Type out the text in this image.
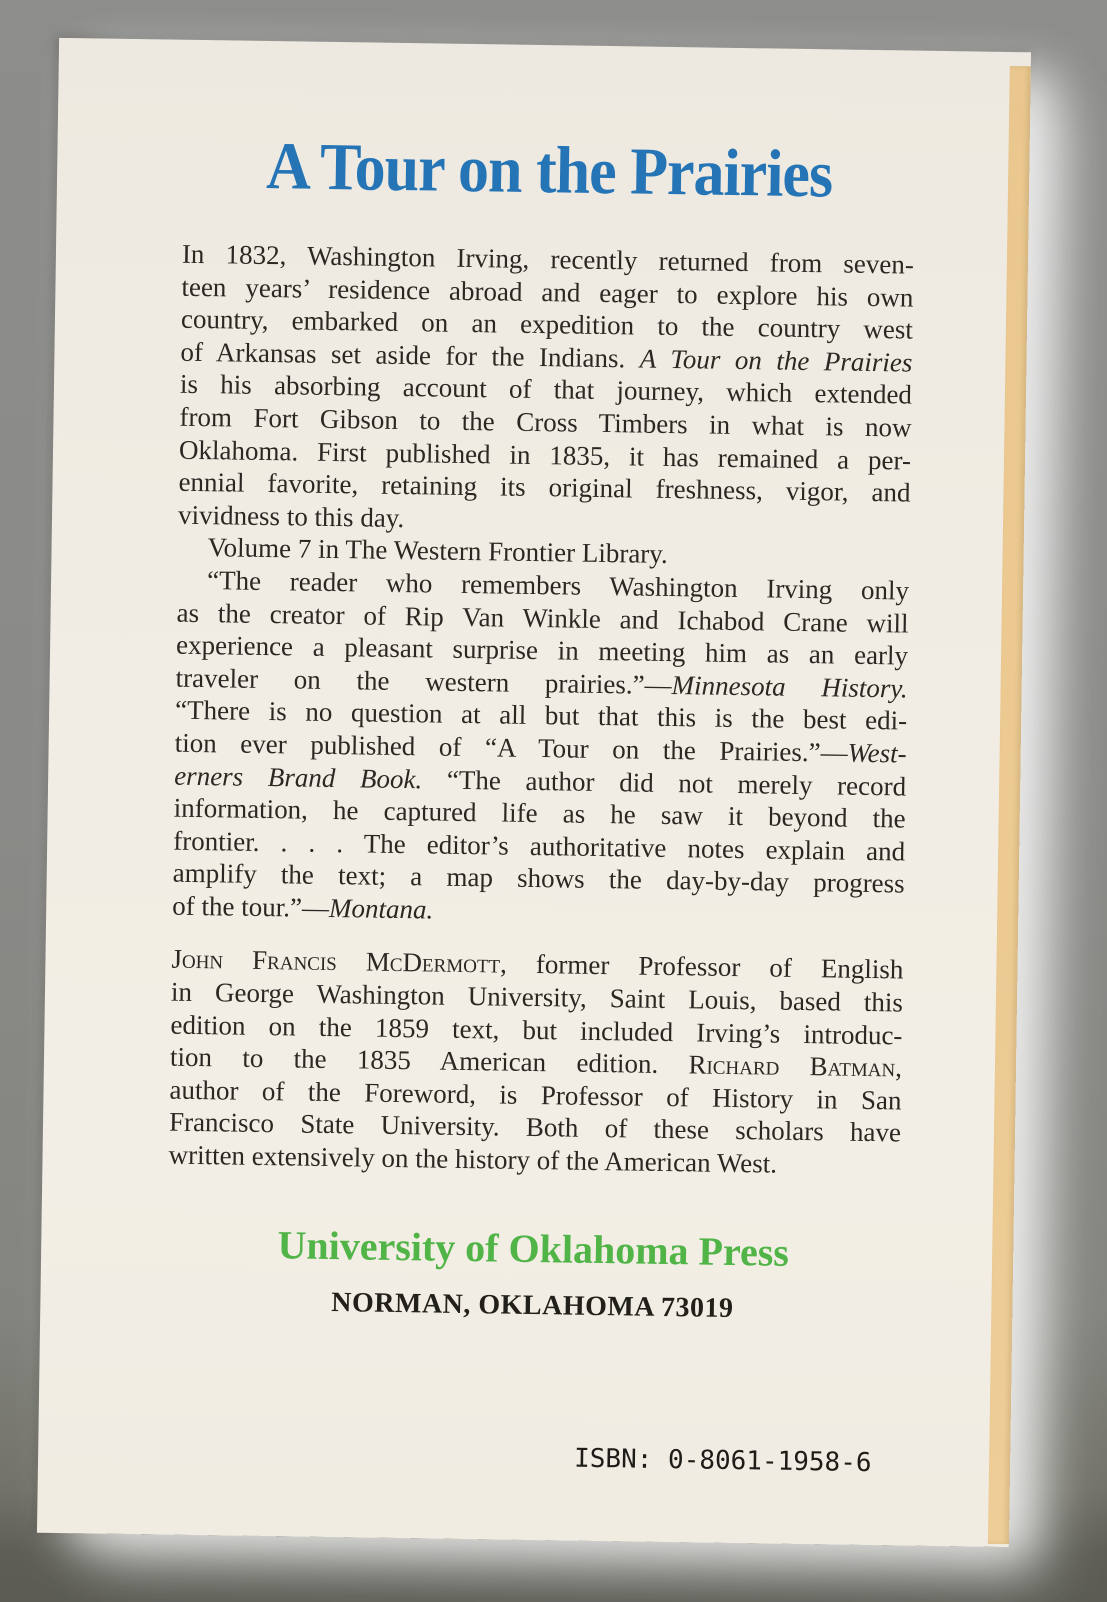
A Tour on the Prairies
In 1832, Washington Irving, recently returned from seven-
teen years’ residence abroad and eager to explore his own
country, embarked on an expedition to the country west
of Arkansas set aside for the Indians. A Tour on the Prairies
is his absorbing account of that journey, which extended
from Fort Gibson to the Cross Timbers in what is now
Oklahoma. First published in 1835, it has remained a per-
ennial favorite, retaining its original freshness, vigor, and
vividness to this day.
Volume 7 in The Western Frontier Library.
“The reader who remembers Washington Irving only
as the creator of Rip Van Winkle and Ichabod Crane will
experience a pleasant surprise in meeting him as an early
traveler on the western prairies.”—Minnesota History.
“There is no question at all but that this is the best edi-
tion ever published of “A Tour on the Prairies.”—West-
erners Brand Book. “The author did not merely record
information, he captured life as he saw it beyond the
frontier. . . . The editor’s authoritative notes explain and
amplify the text; a map shows the day-by-day progress
of the tour.”—Montana.
John Francis McDermott, former Professor of English
in George Washington University, Saint Louis, based this
edition on the 1859 text, but included Irving’s introduc-
tion to the 1835 American edition. Richard Batman,
author of the Foreword, is Professor of History in San
Francisco State University. Both of these scholars have
written extensively on the history of the American West.
University of Oklahoma Press
NORMAN, OKLAHOMA 73019
ISBN: 0-8061-1958-6
